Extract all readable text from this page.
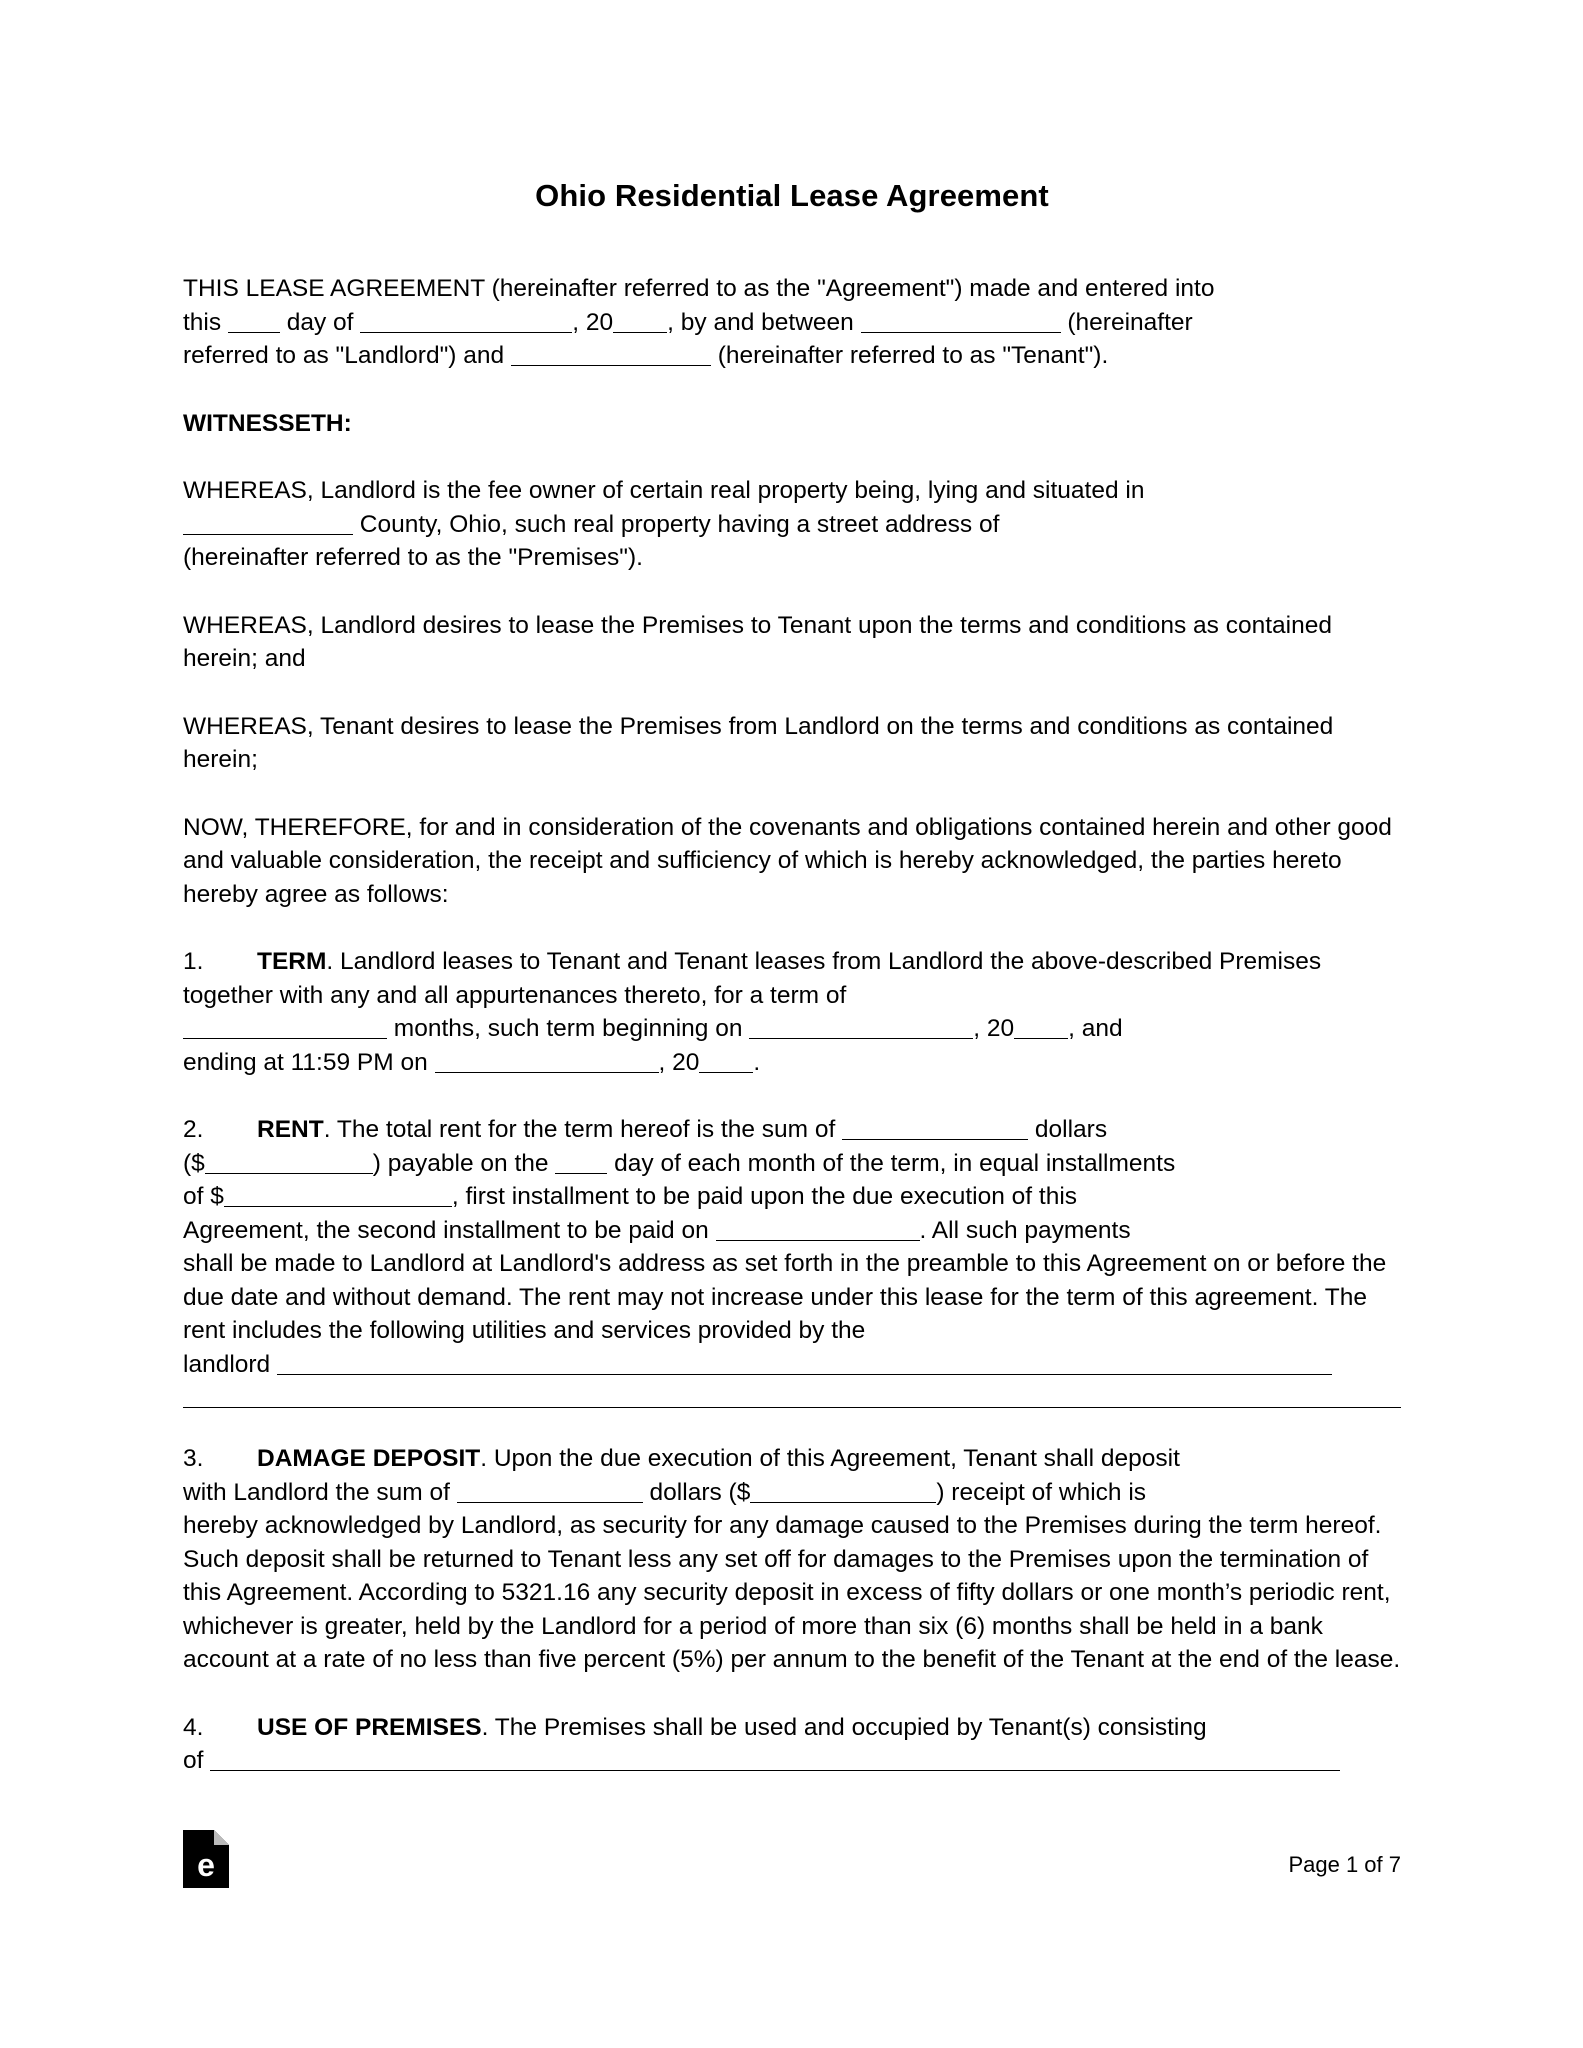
Ohio Residential Lease Agreement

THIS LEASE AGREEMENT (hereinafter referred to as the "Agreement") made and entered into
this  day of	, 20 , by and between	(hereinafter
referred to as "Landlord") and	(hereinafter referred to as "Tenant").

WITNESSETH:

WHEREAS, Landlord is the fee owner of certain real property being, lying and situated in
County, Ohio, such real property having a street address of
(hereinafter referred to as the "Premises").

WHEREAS, Landlord desires to lease the Premises to Tenant upon the terms and conditions as contained herein; and

WHEREAS, Tenant desires to lease the Premises from Landlord on the terms and conditions as contained herein;

NOW, THEREFORE, for and in consideration of the covenants and obligations contained herein and other good and valuable consideration, the receipt and sufficiency of which is hereby acknowledged, the parties hereto hereby agree as follows:

1. TERM. Landlord leases to Tenant and Tenant leases from Landlord the above-described Premises together with any and all appurtenances thereto, for a term of
months, such term beginning on	, 20 , and
ending at 11:59 PM on	, 20 .

2. RENT. The total rent for the term hereof is the sum of	dollars
($	) payable on the  day of each month of the term, in equal installments
of $	, first installment to be paid upon the due execution of this
Agreement, the second installment to be paid on	. All such payments
shall be made to Landlord at Landlord's address as set forth in the preamble to this Agreement on or before the due date and without demand. The rent may not increase under this lease for the term of this agreement. The rent includes the following utilities and services provided by the
landlord

3. DAMAGE DEPOSIT. Upon the due execution of this Agreement, Tenant shall deposit
with Landlord the sum of	dollars ($	) receipt of which is
hereby acknowledged by Landlord, as security for any damage caused to the Premises during the term hereof. Such deposit shall be returned to Tenant less any set off for damages to the Premises upon the termination of this Agreement. According to 5321.16 any security deposit in excess of fifty dollars or one month’s periodic rent, whichever is greater, held by the Landlord for a period of more than six (6) months shall be held in a bank account at a rate of no less than five percent (5%) per annum to the benefit of the Tenant at the end of the lease.

4. USE OF PREMISES. The Premises shall be used and occupied by Tenant(s) consisting
of

e	Page 1 of 7
